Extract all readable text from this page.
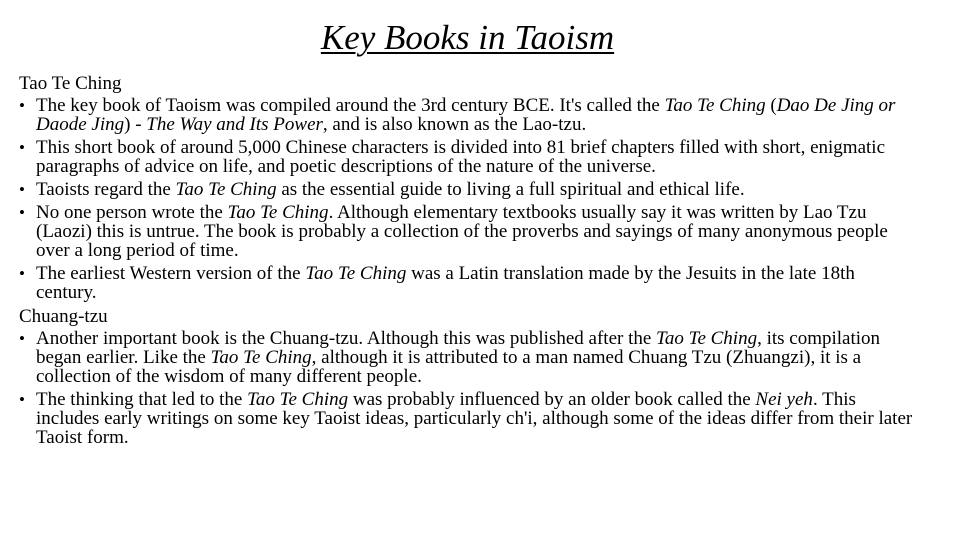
Key Books in Taoism
Tao Te Ching
•
The key book of Taoism was compiled around the 3rd century BCE. It's called the Tao Te Ching (Dao De Jing or Daode Jing) - The Way and Its Power, and is also known as the Lao-tzu.
•
This short book of around 5,000 Chinese characters is divided into 81 brief chapters filled with short, enigmatic paragraphs of advice on life, and poetic descriptions of the nature of the universe.
•
Taoists regard the Tao Te Ching as the essential guide to living a full spiritual and ethical life.
•
No one person wrote the Tao Te Ching. Although elementary textbooks usually say it was written by Lao Tzu (Laozi) this is untrue. The book is probably a collection of the proverbs and sayings of many anonymous people over a long period of time.
•
The earliest Western version of the Tao Te Ching was a Latin translation made by the Jesuits in the late 18th century.
Chuang-tzu
•
Another important book is the Chuang-tzu. Although this was published after the Tao Te Ching, its compilation began earlier. Like the Tao Te Ching, although it is attributed to a man named Chuang Tzu (Zhuangzi), it is a collection of the wisdom of many different people.
•
The thinking that led to the Tao Te Ching was probably influenced by an older book called the Nei yeh. This includes early writings on some key Taoist ideas, particularly ch'i, although some of the ideas differ from their later Taoist form.
